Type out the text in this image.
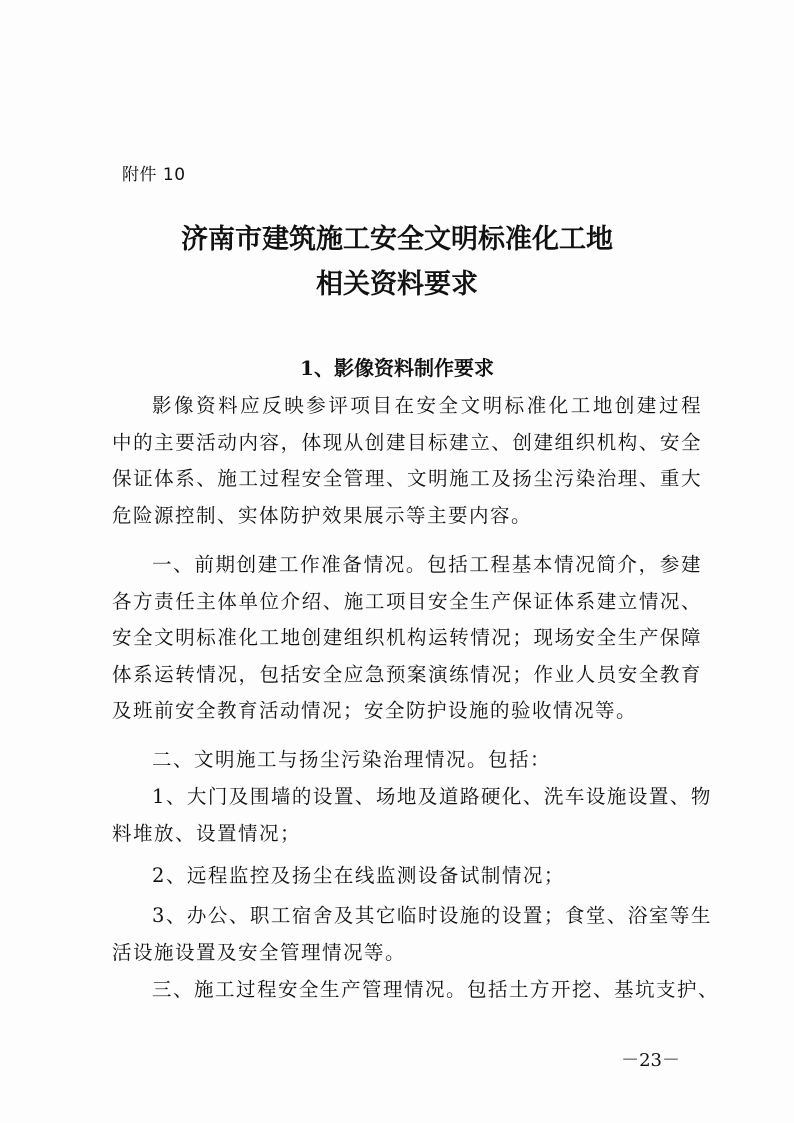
附件 10
济南市建筑施工安全文明标准化工地
相关资料要求
1、影像资料制作要求
影像资料应反映参评项目在安全文明标准化工地创建过程
中的主要活动内容，体现从创建目标建立、创建组织机构、安全
保证体系、施工过程安全管理、文明施工及扬尘污染治理、重大
危险源控制、实体防护效果展示等主要内容。
一、前期创建工作准备情况。包括工程基本情况简介，参建
各方责任主体单位介绍、施工项目安全生产保证体系建立情况、
安全文明标准化工地创建组织机构运转情况；现场安全生产保障
体系运转情况，包括安全应急预案演练情况；作业人员安全教育
及班前安全教育活动情况；安全防护设施的验收情况等。
二、文明施工与扬尘污染治理情况。包括：
1、大门及围墙的设置、场地及道路硬化、洗车设施设置、物
料堆放、设置情况；
2、远程监控及扬尘在线监测设备试制情况；
3、办公、职工宿舍及其它临时设施的设置；食堂、浴室等生
活设施设置及安全管理情况等。
三、施工过程安全生产管理情况。包括土方开挖、基坑支护、
－23－
